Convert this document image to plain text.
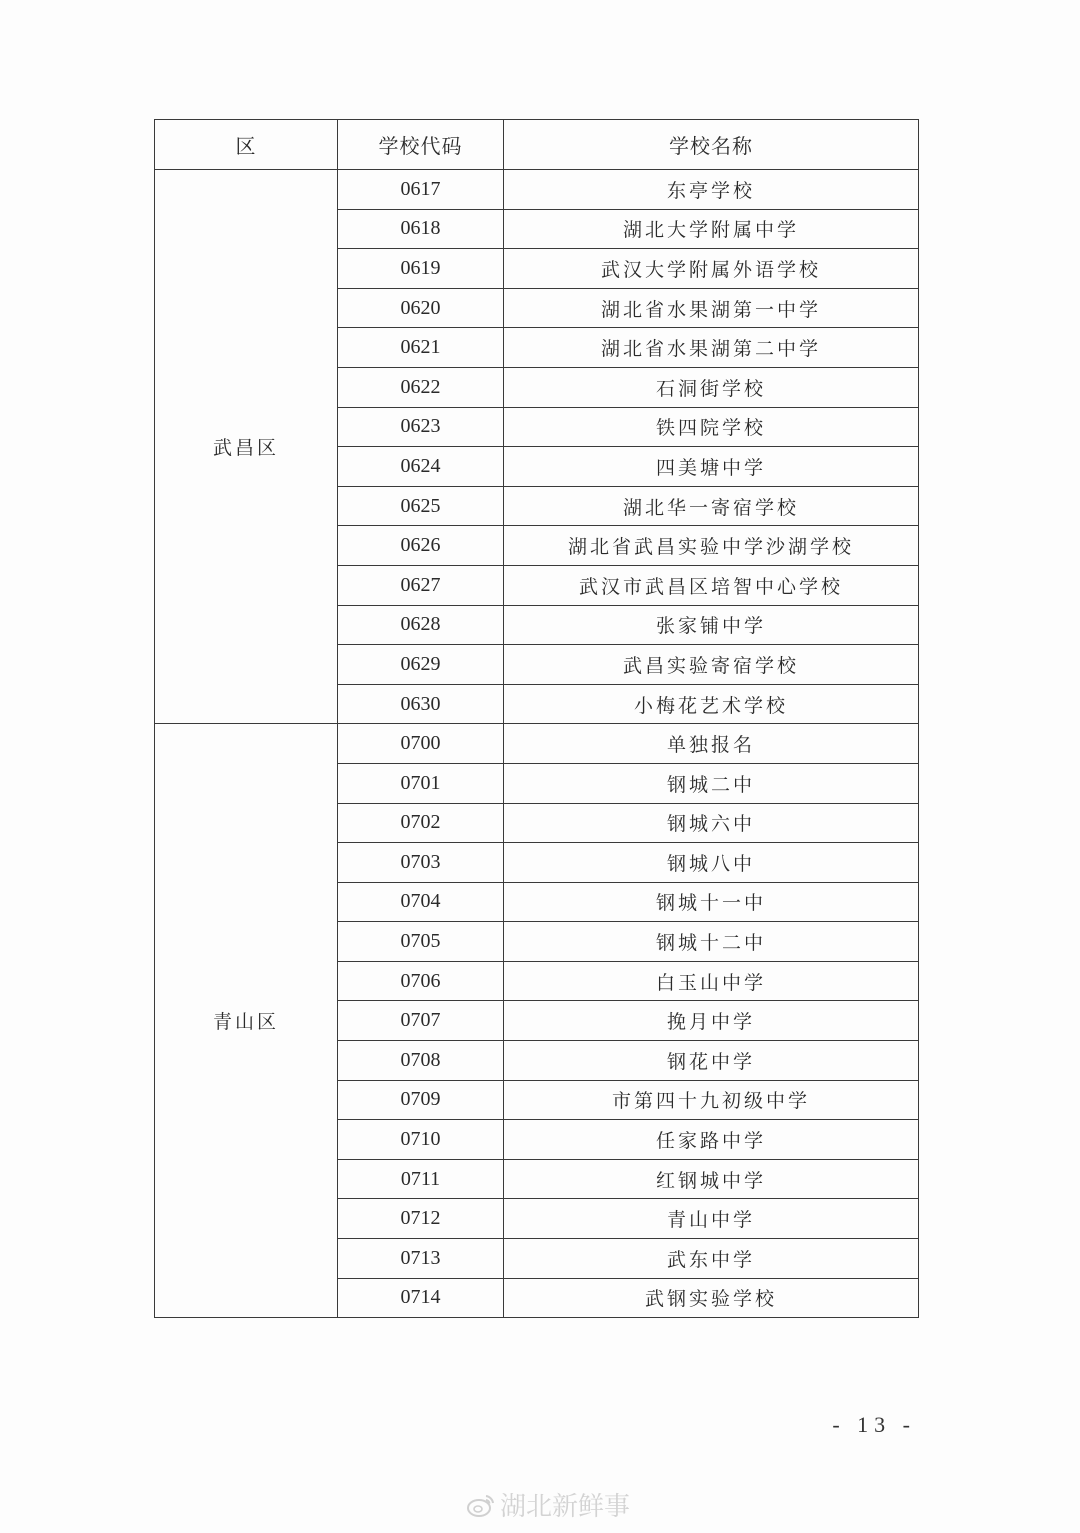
区	学校代码	学校名称
武昌区	0617	东亭学校
	0618	湖北大学附属中学
	0619	武汉大学附属外语学校
	0620	湖北省水果湖第一中学
	0621	湖北省水果湖第二中学
	0622	石洞街学校
	0623	铁四院学校
	0624	四美塘中学
	0625	湖北华一寄宿学校
	0626	湖北省武昌实验中学沙湖学校
	0627	武汉市武昌区培智中心学校
	0628	张家铺中学
	0629	武昌实验寄宿学校
	0630	小梅花艺术学校
青山区	0700	单独报名
	0701	钢城二中
	0702	钢城六中
	0703	钢城八中
	0704	钢城十一中
	0705	钢城十二中
	0706	白玉山中学
	0707	挽月中学
	0708	钢花中学
	0709	市第四十九初级中学
	0710	任家路中学
	0711	红钢城中学
	0712	青山中学
	0713	武东中学
	0714	武钢实验学校
- 13 -
湖北新鲜事
